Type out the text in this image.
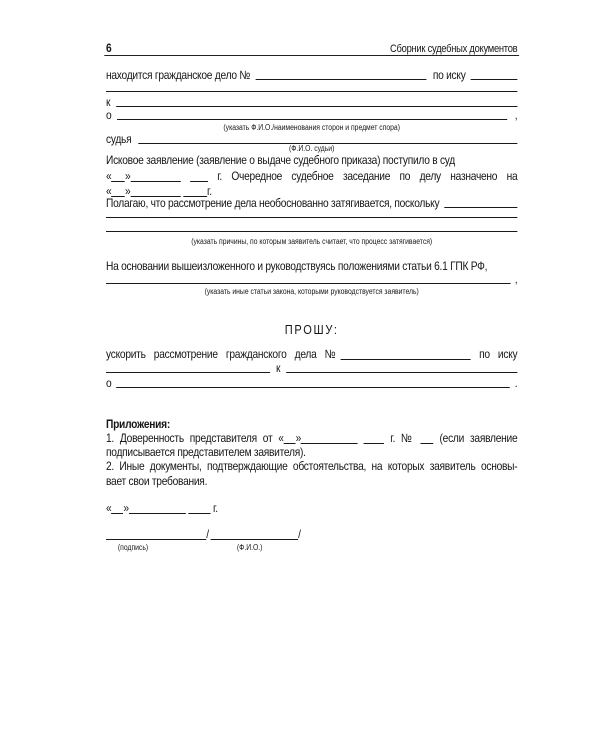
6	Сборник судебных документов
находится гражданское дело №	по иску
к
о	,
(указать Ф.И.О./наименования сторон и предмет спора)
судья
(Ф.И.О. судьи)
Исковое заявление (заявление о выдаче судебного приказа) поступило в суд
« »	г. Очередное судебное заседание по делу назначено на
« »	г.
Полагаю, что рассмотрение дела необоснованно затягивается, поскольку
(указать причины, по которым заявитель считает, что процесс затягивается)
На основании вышеизложенного и руководствуясь положениями статьи 6.1 ГПК РФ,
,
(указать иные статьи закона, которыми руководствуется заявитель)
ПРОШУ:
ускорить рассмотрение гражданского дела №	по иску
к
о	.
Приложения:
1. Доверенность представителя от « »	г. № (если заявление
подписывается представителем заявителя).
2. Иные документы, подтверждающие обстоятельства, на которых заявитель основы-
вает свои требования.
« »	г.
/	/
(подпись)	(Ф.И.О.)
